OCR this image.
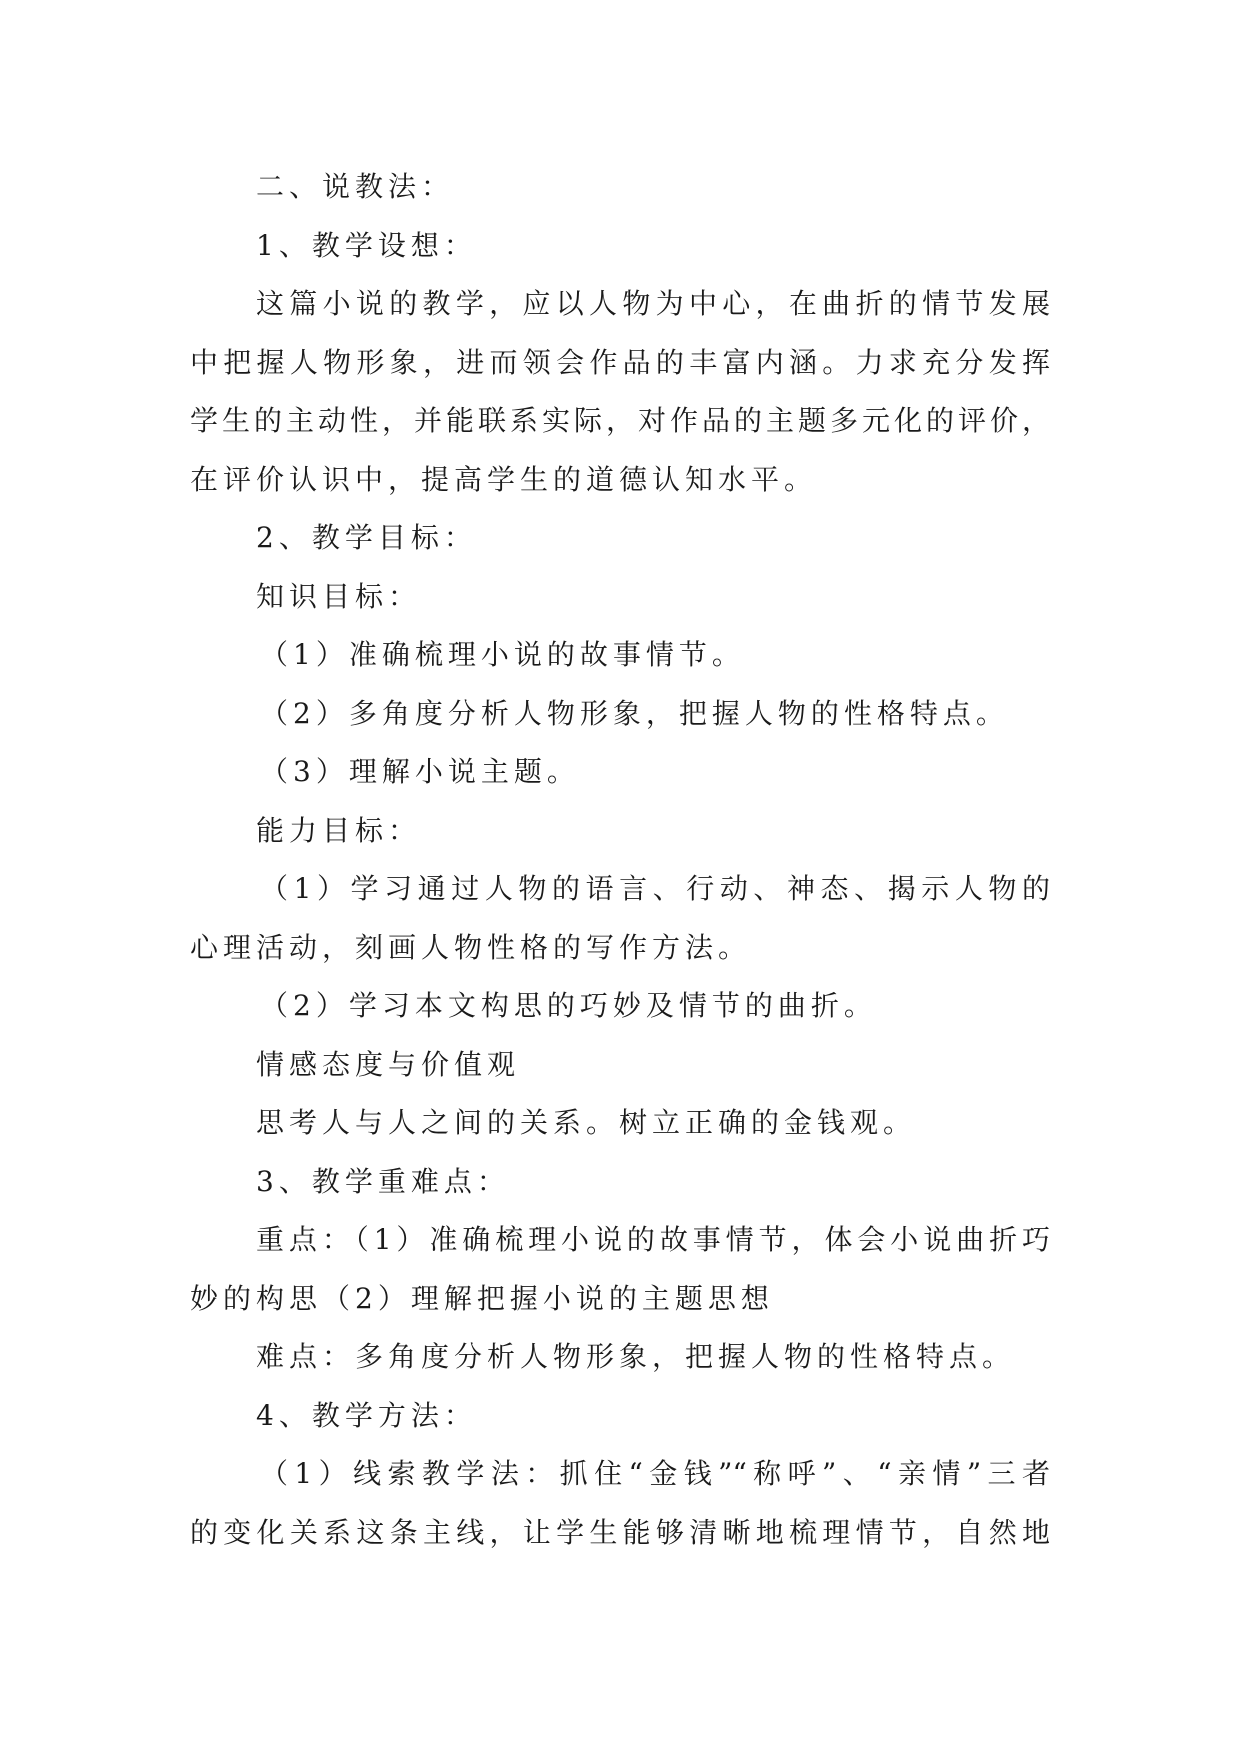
二、说教法：
1、教学设想：
这篇小说的教学，应以人物为中心，在曲折的情节发展
中把握人物形象，进而领会作品的丰富内涵。力求充分发挥
学生的主动性，并能联系实际，对作品的主题多元化的评价，
在评价认识中，提高学生的道德认知水平。
2、教学目标：
知识目标：
（1）准确梳理小说的故事情节。
（2）多角度分析人物形象，把握人物的性格特点。
（3）理解小说主题。
能力目标：
（1）学习通过人物的语言、行动、神态、揭示人物的
心理活动，刻画人物性格的写作方法。
（2）学习本文构思的巧妙及情节的曲折。
情感态度与价值观
思考人与人之间的关系。树立正确的金钱观。
3、教学重难点：
重点：（1）准确梳理小说的故事情节，体会小说曲折巧
妙的构思（2）理解把握小说的主题思想
难点：多角度分析人物形象，把握人物的性格特点。
4、教学方法：
（1）线索教学法：抓住“金钱”“称呼”、“亲情”三者
的变化关系这条主线，让学生能够清晰地梳理情节，自然地
